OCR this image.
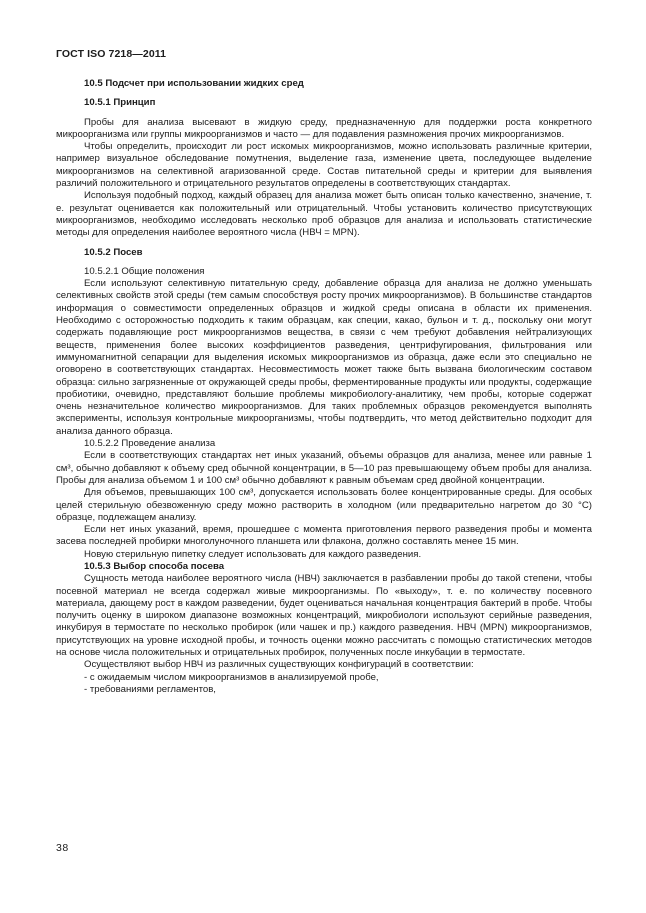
ГОСТ ISO 7218—2011

10.5 Подсчет при использовании жидких сред

10.5.1 Принцип

Пробы для анализа высевают в жидкую среду, предназначенную для поддержки роста конкретного микроорганизма или группы микроорганизмов и часто — для подавления размножения прочих микроорганизмов.

Чтобы определить, происходит ли рост искомых микроорганизмов, можно использовать различные критерии, например визуальное обследование помутнения, выделение газа, изменение цвета, последующее выделение микроорганизмов на селективной агаризованной среде. Состав питательной среды и критерии для выявления различий положительного и отрицательного результатов определены в соответствующих стандартах.

Используя подобный подход, каждый образец для анализа может быть описан только качественно, значение, т. е. результат оценивается как положительный или отрицательный. Чтобы установить количество присутствующих микроорганизмов, необходимо исследовать несколько проб образцов для анализа и использовать статистические методы для определения наиболее вероятного числа (НВЧ = MPN).

10.5.2 Посев

10.5.2.1 Общие положения

Если используют селективную питательную среду, добавление образца для анализа не должно уменьшать селективных свойств этой среды (тем самым способствуя росту прочих микроорганизмов). В большинстве стандартов информация о совместимости определенных образцов и жидкой среды описана в области их применения. Необходимо с осторожностью подходить к таким образцам, как специи, какао, бульон и т. д., поскольку они могут содержать подавляющие рост микроорганизмов вещества, в связи с чем требуют добавления нейтрализующих веществ, применения более высоких коэффициентов разведения, центрифугирования, фильтрования или иммуномагнитной сепарации для выделения искомых микроорганизмов из образца, даже если это специально не оговорено в соответствующих стандартах. Несовместимость может также быть вызвана биологическим составом образца: сильно загрязненные от окружающей среды пробы, ферментированные продукты или продукты, содержащие пробиотики, очевидно, представляют большие проблемы микробиологу-аналитику, чем пробы, которые содержат очень незначительное количество микроорганизмов. Для таких проблемных образцов рекомендуется выполнять эксперименты, используя контрольные микроорганизмы, чтобы подтвердить, что метод действительно подходит для анализа данного образца.

10.5.2.2 Проведение анализа

Если в соответствующих стандартах нет иных указаний, объемы образцов для анализа, менее или равные 1 см³, обычно добавляют к объему сред обычной концентрации, в 5—10 раз превышающему объем пробы для анализа. Пробы для анализа объемом 1 и 100 см³ обычно добавляют к равным объемам сред двойной концентрации.

Для объемов, превышающих 100 см³, допускается использовать более концентрированные среды. Для особых целей стерильную обезвоженную среду можно растворить в холодном (или предварительно нагретом до 30 °C) образце, подлежащем анализу.

Если нет иных указаний, время, прошедшее с момента приготовления первого разведения пробы и момента засева последней пробирки многолуночного планшета или флакона, должно составлять менее 15 мин.

Новую стерильную пипетку следует использовать для каждого разведения.

10.5.3 Выбор способа посева

Сущность метода наиболее вероятного числа (НВЧ) заключается в разбавлении пробы до такой степени, чтобы посевной материал не всегда содержал живые микроорганизмы. По «выходу», т. е. по количеству посевного материала, дающему рост в каждом разведении, будет оцениваться начальная концентрация бактерий в пробе. Чтобы получить оценку в широком диапазоне возможных концентраций, микробиологи используют серийные разведения, инкубируя в термостате по несколько пробирок (или чашек и пр.) каждого разведения. НВЧ (MPN) микроорганизмов, присутствующих на уровне исходной пробы, и точность оценки можно рассчитать с помощью статистических методов на основе числа положительных и отрицательных пробирок, полученных после инкубации в термостате.

Осуществляют выбор НВЧ из различных существующих конфигураций в соответствии:

- с ожидаемым числом микроорганизмов в анализируемой пробе,

- требованиями регламентов,

38
